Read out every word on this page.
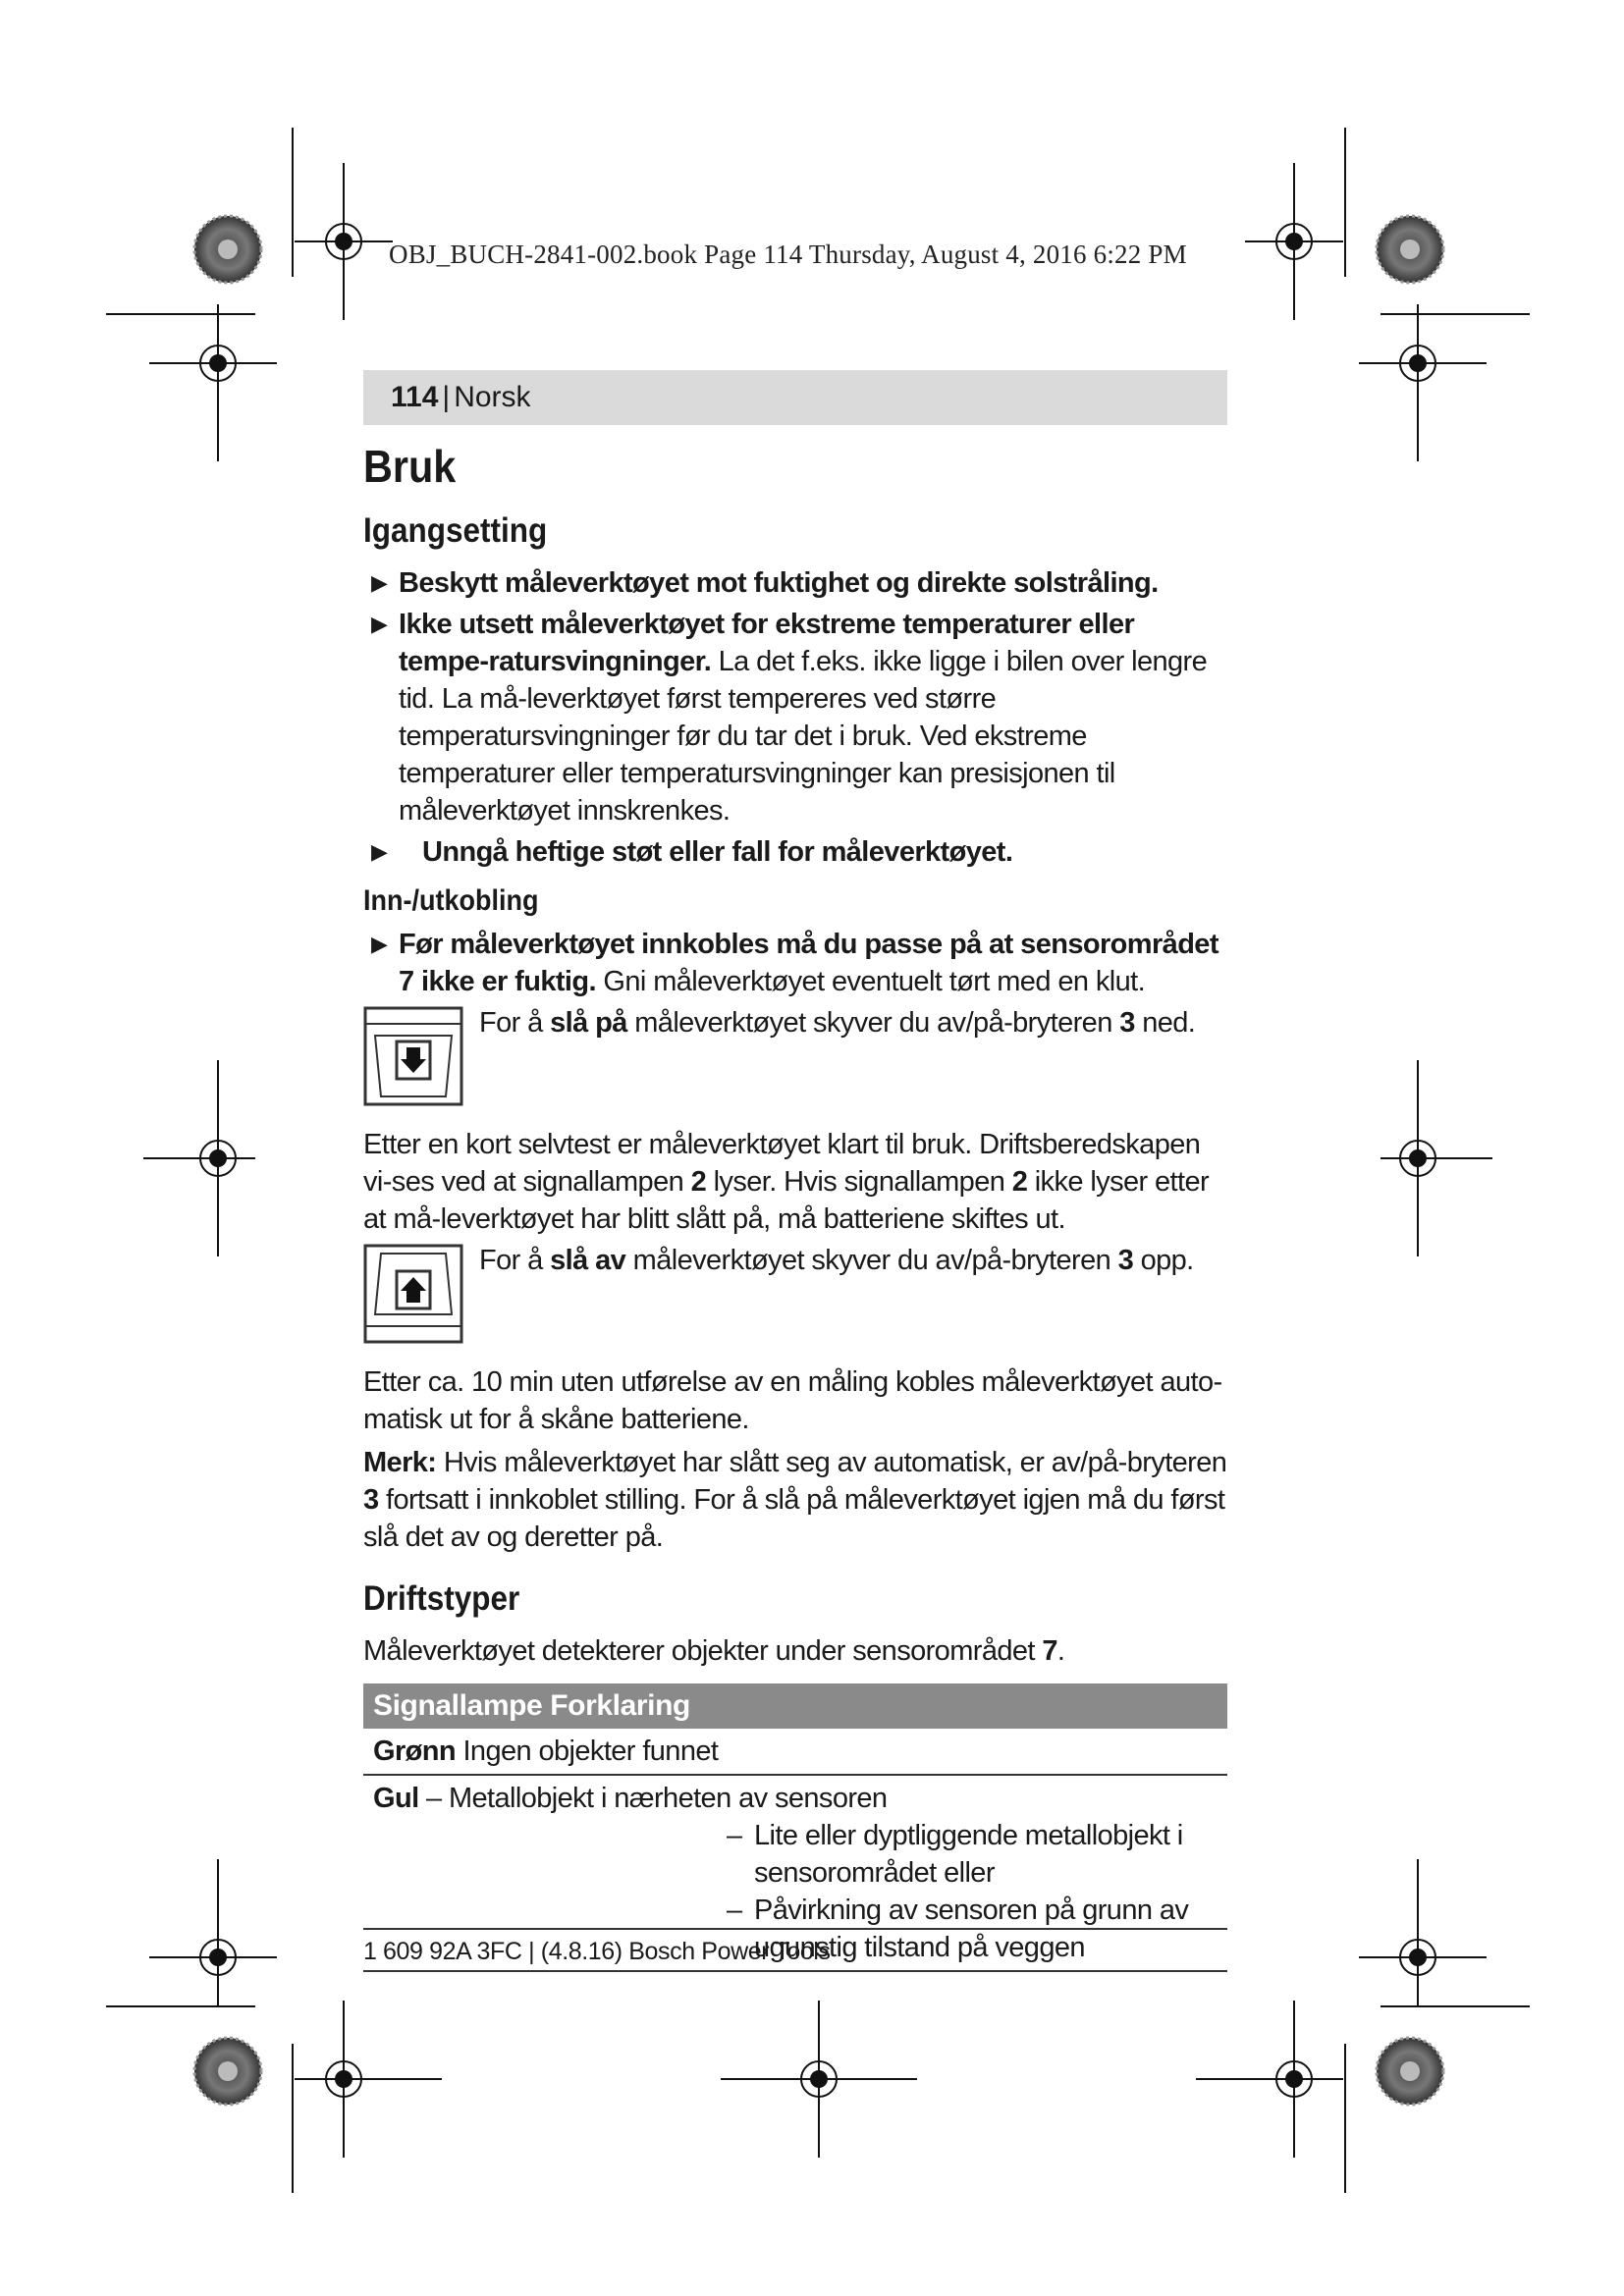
OBJ_BUCH-2841-002.book Page 114 Thursday, August 4, 2016 6:22 PM
114 | Norsk
Bruk
Igangsetting
▶ Beskytt måleverktøyet mot fuktighet og direkte solstråling.
▶ Ikke utsett måleverktøyet for ekstreme temperaturer eller tempe-ratursvingninger. La det f.eks. ikke ligge i bilen over lengre tid. La må-leverktøyet først tempereres ved større temperatursvingninger før du tar det i bruk. Ved ekstreme temperaturer eller temperatursvingninger kan presisjonen til måleverktøyet innskrenkes.
▶ Unngå heftige støt eller fall for måleverktøyet.
Inn-/utkobling
▶ Før måleverktøyet innkobles må du passe på at sensorområdet 7 ikke er fuktig. Gni måleverktøyet eventuelt tørt med en klut.

For å slå på måleverktøyet skyver du av/på-bryteren 3 ned.

Etter en kort selvtest er måleverktøyet klart til bruk. Driftsberedskapen vi-ses ved at signallampen 2 lyser. Hvis signallampen 2 ikke lyser etter at må-leverktøyet har blitt slått på, må batteriene skiftes ut.

For å slå av måleverktøyet skyver du av/på-bryteren 3 opp.

Etter ca. 10 min uten utførelse av en måling kobles måleverktøyet auto-matisk ut for å skåne batteriene.

Merk: Hvis måleverktøyet har slått seg av automatisk, er av/på-bryteren 3 fortsatt i innkoblet stilling. For å slå på måleverktøyet igjen må du først slå det av og deretter på.

Driftstyper

Måleverktøyet detekterer objekter under sensorområdet 7.

Signallampe Forklaring
Grønn Ingen objekter funnet
Gul – Metallobjekt i nærheten av sensoren
– Lite eller dyptliggende metallobjekt i sensorområdet eller
– Påvirkning av sensoren på grunn av ugunstig tilstand på veggen
1 609 92A 3FC | (4.8.16) Bosch Power Tools
